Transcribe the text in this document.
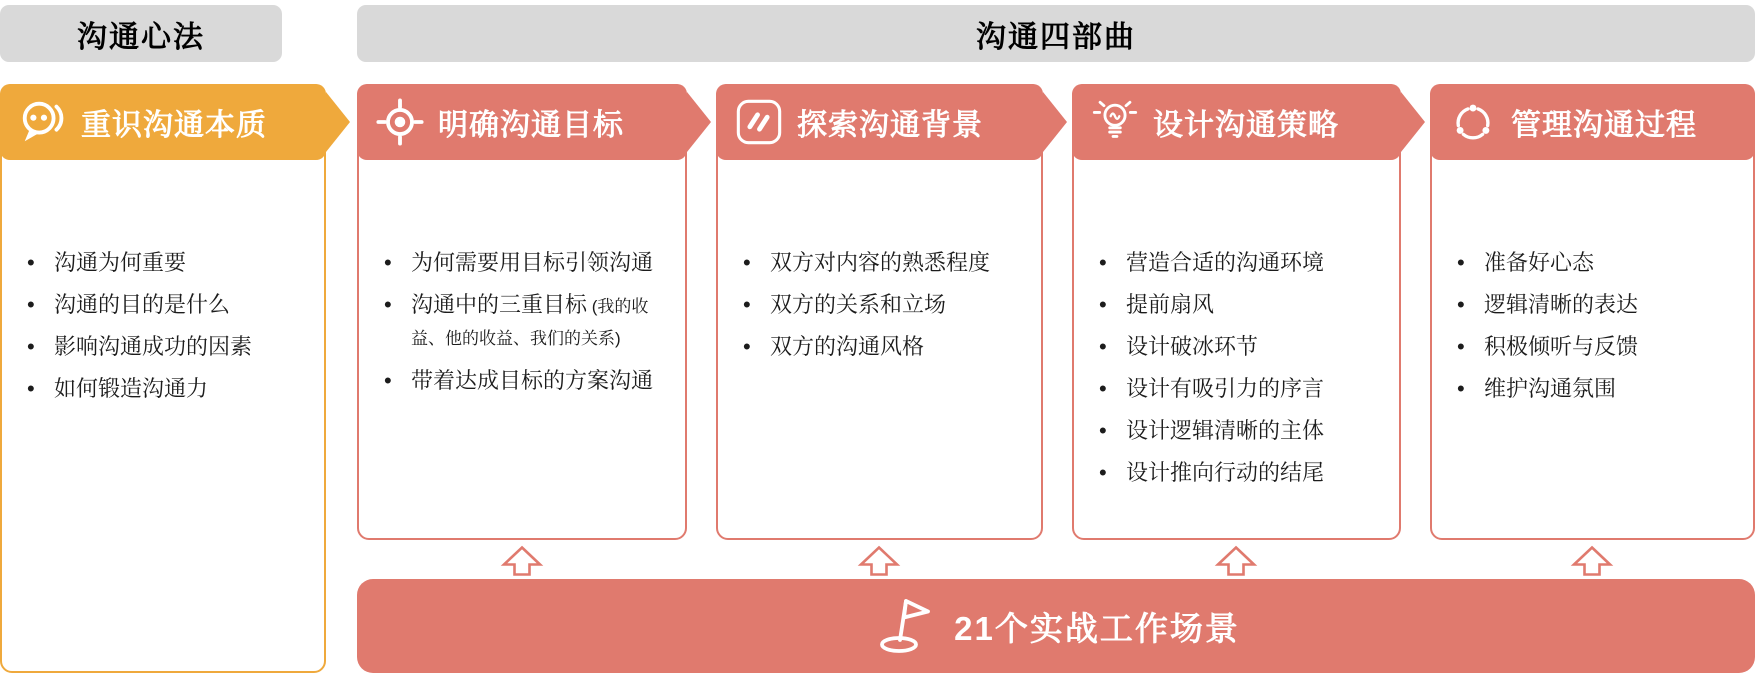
沟通心法	沟通四部曲
重识沟通本质
• 沟通为何重要
• 沟通的目的是什么
• 影响沟通成功的因素
• 如何锻造沟通力
明确沟通目标
• 为何需要用目标引领沟通
• 沟通中的三重目标 (我的收益、他的收益、我们的关系)
• 带着达成目标的方案沟通
探索沟通背景
• 双方对内容的熟悉程度
• 双方的关系和立场
• 双方的沟通风格
设计沟通策略
• 营造合适的沟通环境
• 提前扇风
• 设计破冰环节
• 设计有吸引力的序言
• 设计逻辑清晰的主体
• 设计推向行动的结尾
管理沟通过程
• 准备好心态
• 逻辑清晰的表达
• 积极倾听与反馈
• 维护沟通氛围
21个实战工作场景
